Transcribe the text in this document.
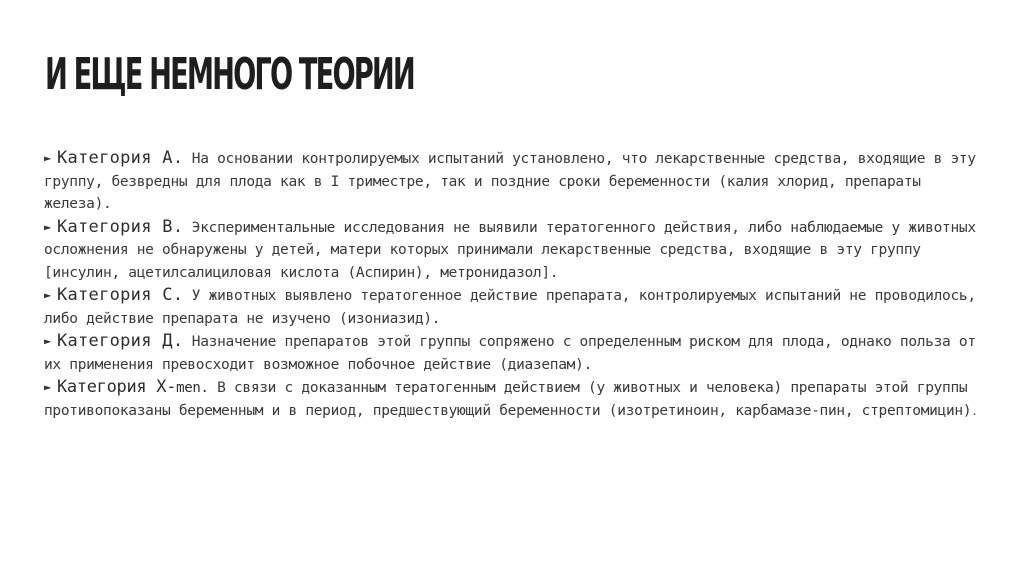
И ЕЩЕ НЕМНОГО ТЕОРИИ
► Категория А. На основании контролируемых испытаний установлено, что лекарственные средства, входящие в эту группу, безвредны для плода как в I триместре, так и поздние сроки беременности (калия хлорид, препараты железа).
► Категория В. Экспериментальные исследования не выявили тератогенного действия, либо наблюдаемые у животных осложнения не обнаружены у детей, матери которых принимали лекарственные средства, входящие в эту группу [инсулин, ацетилсалициловая кислота (Аспирин), метронидазол].
► Категория С. У животных выявлено тератогенное действие препарата, контролируемых испытаний не проводилось, либо действие препарата не изучено (изониазид).
► Категория Д. Назначение препаратов этой группы сопряжено с определенным риском для плода, однако польза от их применения превосходит возможное побочное действие (диазепам).
► Категория Х-men. В связи с доказанным тератогенным действием (у животных и человека) препараты этой группы противопоказаны беременным и в период, предшествующий беременности (изотретиноин, карбамазе-пин, стрептомицин).
